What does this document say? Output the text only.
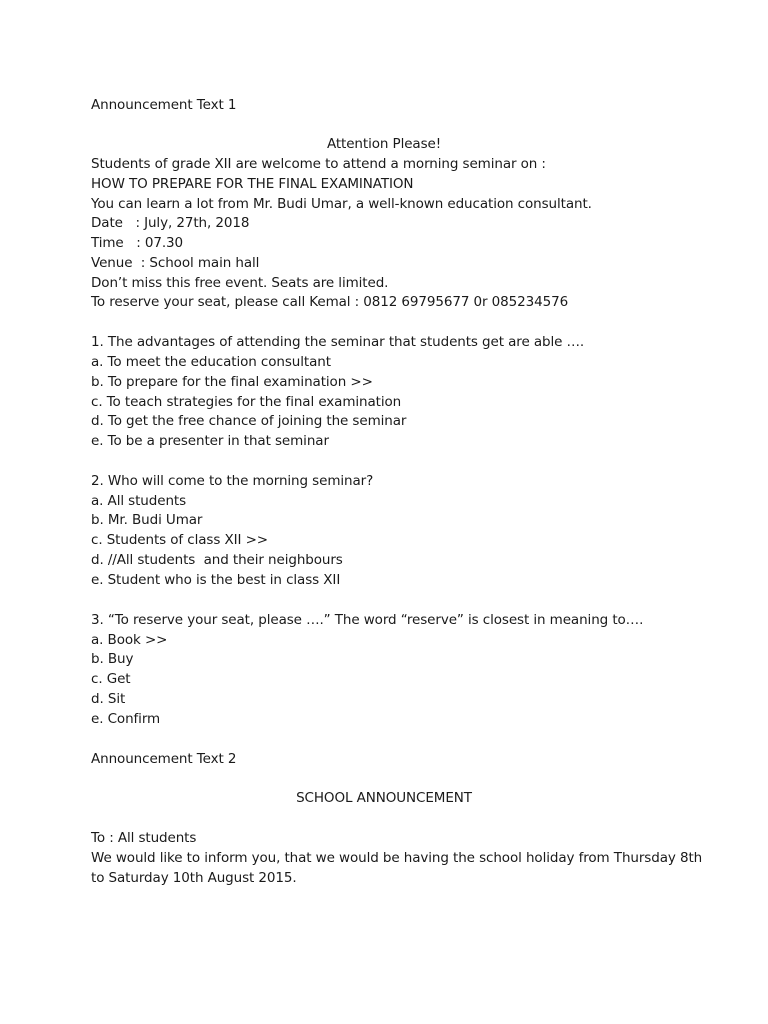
Announcement Text 1
Attention Please!
Students of grade XII are welcome to attend a morning seminar on :
HOW TO PREPARE FOR THE FINAL EXAMINATION
You can learn a lot from Mr. Budi Umar, a well-known education consultant.
Date   : July, 27th, 2018
Time   : 07.30
Venue  : School main hall
Don’t miss this free event. Seats are limited.
To reserve your seat, please call Kemal : 0812 69795677 0r 085234576
1. The advantages of attending the seminar that students get are able ….
a. To meet the education consultant
b. To prepare for the final examination >>
c. To teach strategies for the final examination
d. To get the free chance of joining the seminar
e. To be a presenter in that seminar
2. Who will come to the morning seminar?
a. All students
b. Mr. Budi Umar
c. Students of class XII >>
d. //All students  and their neighbours
e. Student who is the best in class XII
3. “To reserve your seat, please ….” The word “reserve” is closest in meaning to….
a. Book >>
b. Buy
c. Get
d. Sit
e. Confirm
Announcement Text 2
SCHOOL ANNOUNCEMENT
To : All students
We would like to inform you, that we would be having the school holiday from Thursday 8th
to Saturday 10th August 2015.
